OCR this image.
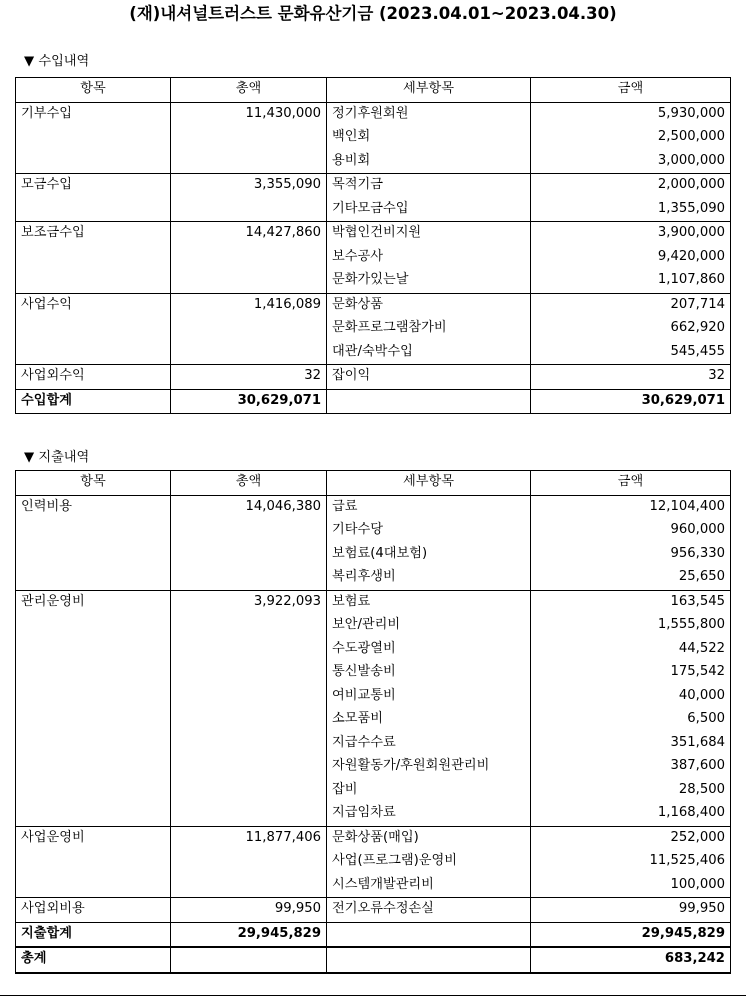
(재)내셔널트러스트 문화유산기금 (2023.04.01~2023.04.30)
▼ 수입내역
항목	총액	세부항목	금액
기부수입	11,430,000	정기후원회원	5,930,000
		백인회	2,500,000
		용비회	3,000,000
모금수입	3,355,090	목적기금	2,000,000
		기타모금수입	1,355,090
보조금수입	14,427,860	박협인건비지원	3,900,000
		보수공사	9,420,000
		문화가있는날	1,107,860
사업수익	1,416,089	문화상품	207,714
		문화프로그램참가비	662,920
		대관/숙박수입	545,455
사업외수익	32	잡이익	32
수입합계	30,629,071		30,629,071
▼ 지출내역
항목	총액	세부항목	금액
인력비용	14,046,380	급료	12,104,400
		기타수당	960,000
		보험료(4대보험)	956,330
		복리후생비	25,650
관리운영비	3,922,093	보험료	163,545
		보안/관리비	1,555,800
		수도광열비	44,522
		통신발송비	175,542
		여비교통비	40,000
		소모품비	6,500
		지급수수료	351,684
		자원활동가/후원회원관리비	387,600
		잡비	28,500
		지급임차료	1,168,400
사업운영비	11,877,406	문화상품(매입)	252,000
		사업(프로그램)운영비	11,525,406
		시스템개발관리비	100,000
사업외비용	99,950	전기오류수정손실	99,950
지출합계	29,945,829		29,945,829
총계			683,242
